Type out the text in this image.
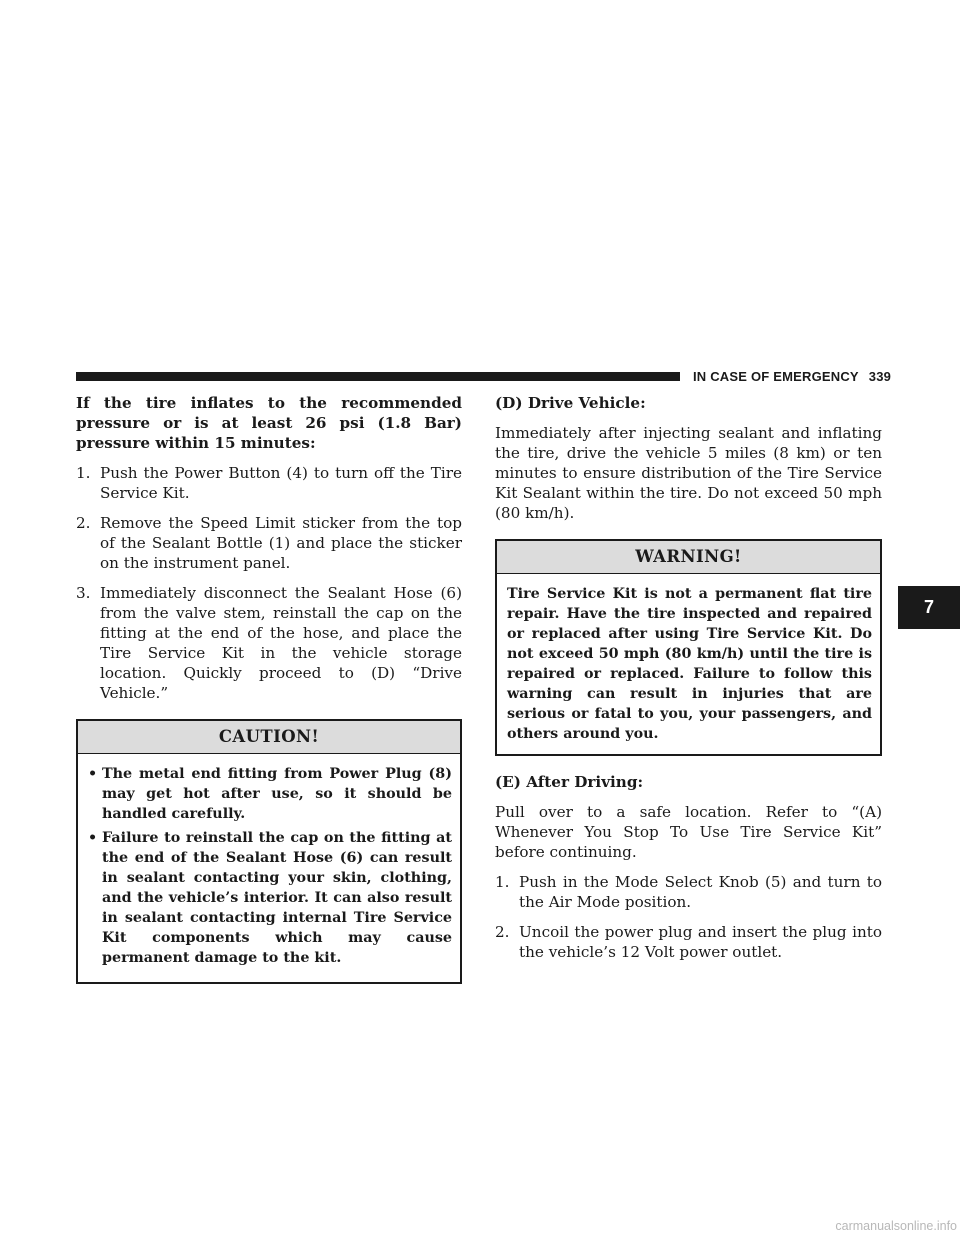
IN CASE OF EMERGENCY 339

If the tire inflates to the recommended pressure or is at least 26 psi (1.8 Bar) pressure within 15 minutes:

1. Push the Power Button (4) to turn off the Tire Service Kit.
2. Remove the Speed Limit sticker from the top of the Sealant Bottle (1) and place the sticker on the instrument panel.
3. Immediately disconnect the Sealant Hose (6) from the valve stem, reinstall the cap on the fitting at the end of the hose, and place the Tire Service Kit in the vehicle storage location. Quickly proceed to (D) “Drive Vehicle.”
CAUTION!
• The metal end fitting from Power Plug (8) may get hot after use, so it should be handled carefully.
• Failure to reinstall the cap on the fitting at the end of the Sealant Hose (6) can result in sealant contacting your skin, clothing, and the vehicle’s interior. It can also result in sealant contacting internal Tire Service Kit components which may cause permanent damage to the kit.
(D) Drive Vehicle:

Immediately after injecting sealant and inflating the tire, drive the vehicle 5 miles (8 km) or ten minutes to ensure distribution of the Tire Service Kit Sealant within the tire. Do not exceed 50 mph (80 km/h).

WARNING!

Tire Service Kit is not a permanent flat tire repair. Have the tire inspected and repaired or replaced after using Tire Service Kit. Do not exceed 50 mph (80 km/h) until the tire is repaired or replaced. Failure to follow this warning can result in injuries that are serious or fatal to you, your passengers, and others around you.

(E) After Driving:

Pull over to a safe location. Refer to “(A) Whenever You Stop To Use Tire Service Kit” before continuing.

1. Push in the Mode Select Knob (5) and turn to the Air Mode position.
2. Uncoil the power plug and insert the plug into the vehicle’s 12 Volt power outlet.
7
carmanualsonline.info
